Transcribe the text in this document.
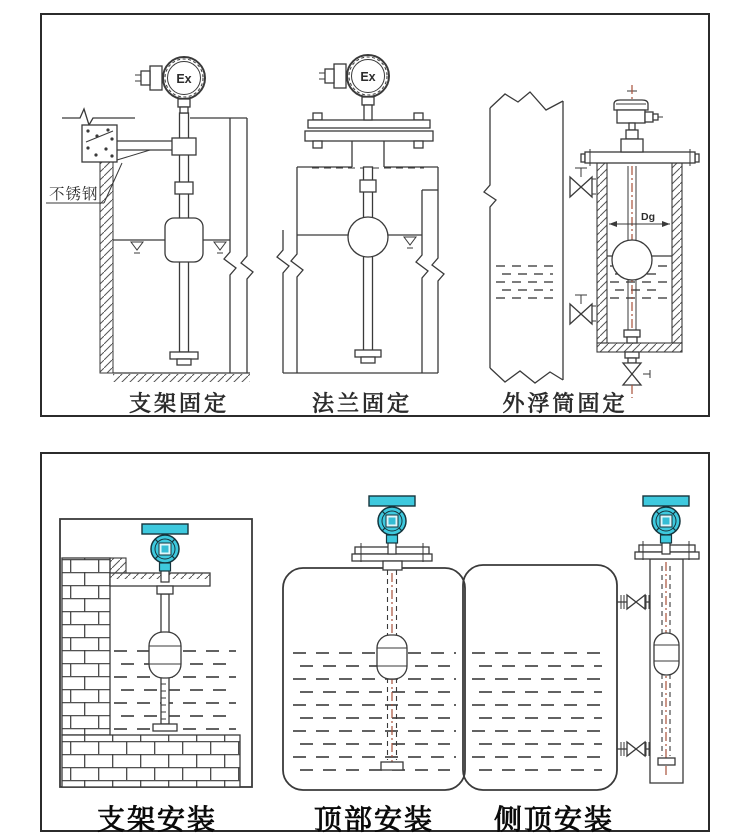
Ex
不锈钢
Ex
Dg
支架固定	法兰固定	外浮筒固定
支架安装	顶部安装	侧顶安装
